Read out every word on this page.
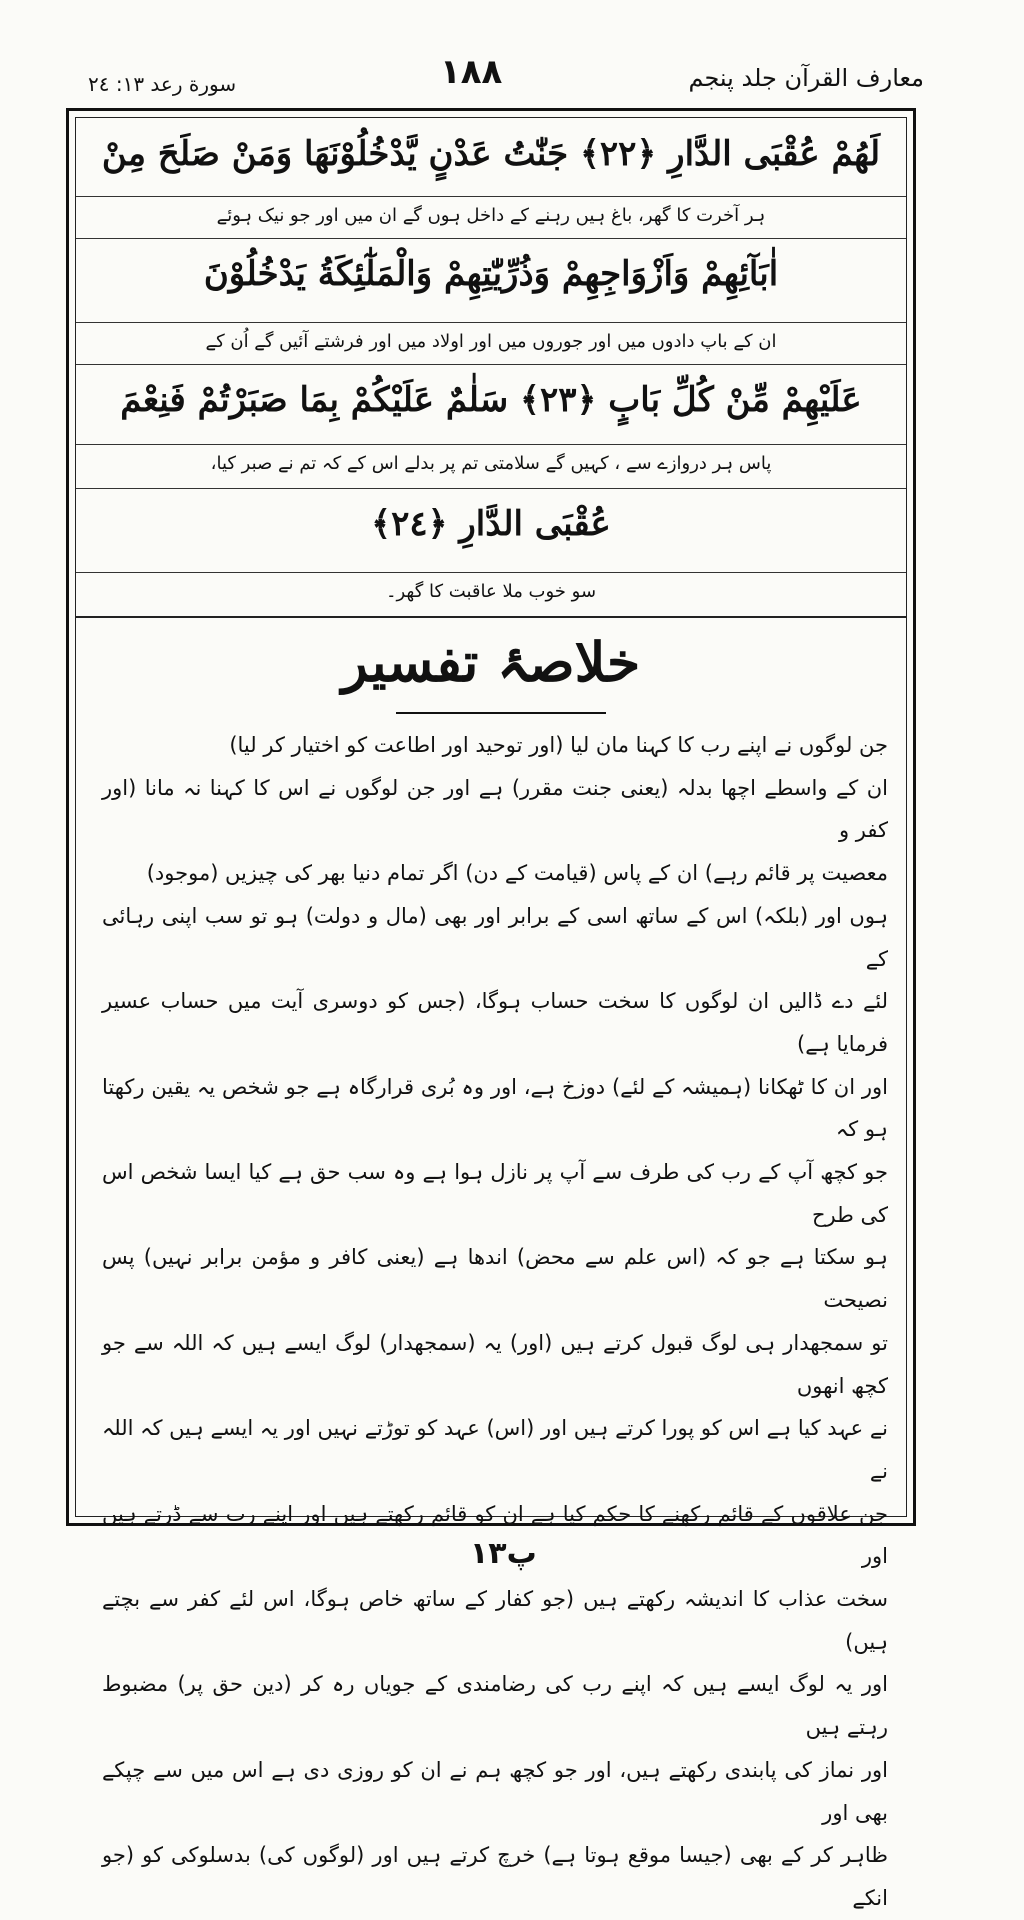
سورة رعد ١٣: ٢٤	١٨٨	معارف القرآن جلد پنجم
لَهُمْ عُقْبَى الدَّارِ ﴿٢٢﴾ جَنّٰتُ عَدْنٍ يَّدْخُلُوْنَهَا وَمَنْ صَلَحَ مِنْ
ہر آخرت کا گھر، باغ ہیں رہنے کے داخل ہوں گے ان میں اور جو نیک ہوئے
اٰبَآئِهِمْ وَاَزْوَاجِهِمْ وَذُرِّيّٰتِهِمْ وَالْمَلٰٓئِكَةُ يَدْخُلُوْنَ
ان کے باپ دادوں میں اور جوروں میں اور اولاد میں اور فرشتے آئیں گے اُن کے
عَلَيْهِمْ مِّنْ كُلِّ بَابٍ ﴿٢٣﴾ سَلٰمٌ عَلَيْكُمْ بِمَا صَبَرْتُمْ فَنِعْمَ
پاس ہر دروازے سے ، کہیں گے سلامتی تم پر بدلے اس کے کہ تم نے صبر کیا،
عُقْبَى الدَّارِ ﴿٢٤﴾
سو خوب ملا عاقبت کا گھر۔
خلاصۂ تفسیر

جن لوگوں نے اپنے رب کا کہنا مان لیا (اور توحید اور اطاعت کو اختیار کر لیا)

ان کے واسطے اچھا بدلہ (یعنی جنت مقرر) ہے اور جن لوگوں نے اس کا کہنا نہ مانا (اور کفر و

معصیت پر قائم رہے) ان کے پاس (قیامت کے دن) اگر تمام دنیا بھر کی چیزیں (موجود)

ہوں اور (بلکہ) اس کے ساتھ اسی کے برابر اور بھی (مال و دولت) ہو تو سب اپنی رہائی کے

لئے دے ڈالیں ان لوگوں کا سخت حساب ہوگا، (جس کو دوسری آیت میں حساب عسیر فرمایا ہے)

اور ان کا ٹھکانا (ہمیشہ کے لئے) دوزخ ہے، اور وہ بُری قرارگاہ ہے جو شخص یہ یقین رکھتا ہو کہ

جو کچھ آپ کے رب کی طرف سے آپ پر نازل ہوا ہے وہ سب حق ہے کیا ایسا شخص اس کی طرح

ہو سکتا ہے جو کہ (اس علم سے محض) اندھا ہے (یعنی کافر و مؤمن برابر نہیں) پس نصیحت

تو سمجھدار ہی لوگ قبول کرتے ہیں (اور) یہ (سمجھدار) لوگ ایسے ہیں کہ اللہ سے جو کچھ انھوں

نے عہد کیا ہے اس کو پورا کرتے ہیں اور (اس) عہد کو توڑتے نہیں اور یہ ایسے ہیں کہ اللہ نے

جن علاقوں کے قائم رکھنے کا حکم کیا ہے ان کو قائم رکھتے ہیں اور اپنے رب سے ڈرتے ہیں اور

سخت عذاب کا اندیشہ رکھتے ہیں (جو کفار کے ساتھ خاص ہوگا، اس لئے کفر سے بچتے ہیں)

اور یہ لوگ ایسے ہیں کہ اپنے رب کی رضامندی کے جویاں رہ کر (دین حق پر) مضبوط رہتے ہیں

اور نماز کی پابندی رکھتے ہیں، اور جو کچھ ہم نے ان کو روزی دی ہے اس میں سے چپکے بھی اور

ظاہر کر کے بھی (جیسا موقع ہوتا ہے) خرچ کرتے ہیں اور (لوگوں کی) بدسلوکی کو (جو انکے

۱۳پ
